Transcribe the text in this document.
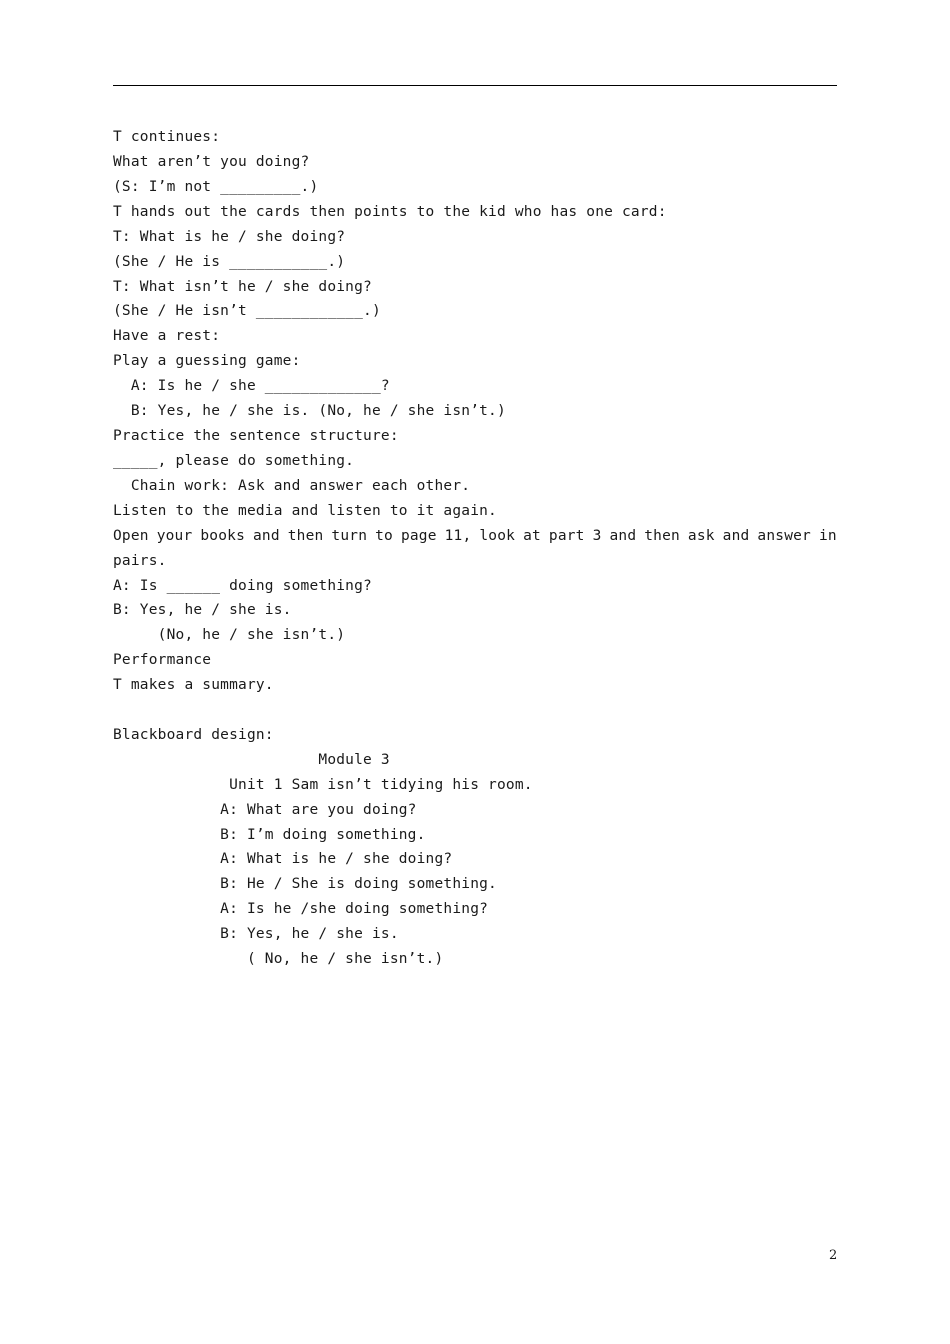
T continues:
What aren’t you doing?
(S: I’m not _________.)
T hands out the cards then points to the kid who has one card:
T: What is he / she doing?
(She / He is ___________.)
T: What isn’t he / she doing?
(She / He isn’t ____________.)
Have a rest:
Play a guessing game:
A: Is he / she _____________?
B: Yes, he / she is. (No, he / she isn’t.)
Practice the sentence structure:
_____, please do something.
Chain work: Ask and answer each other.
Listen to the media and listen to it again.
Open your books and then turn to page 11, look at part 3 and then ask and answer in
pairs.
A: Is ______ doing something?
B: Yes, he / she is.
(No, he / she isn’t.)
Performance
T makes a summary.
Blackboard design:
Module 3
Unit 1 Sam isn’t tidying his room.
A: What are you doing?
B: I’m doing something.
A: What is he / she doing?
B: He / She is doing something.
A: Is he /she doing something?
B: Yes, he / she is.
( No, he / she isn’t.)
2
